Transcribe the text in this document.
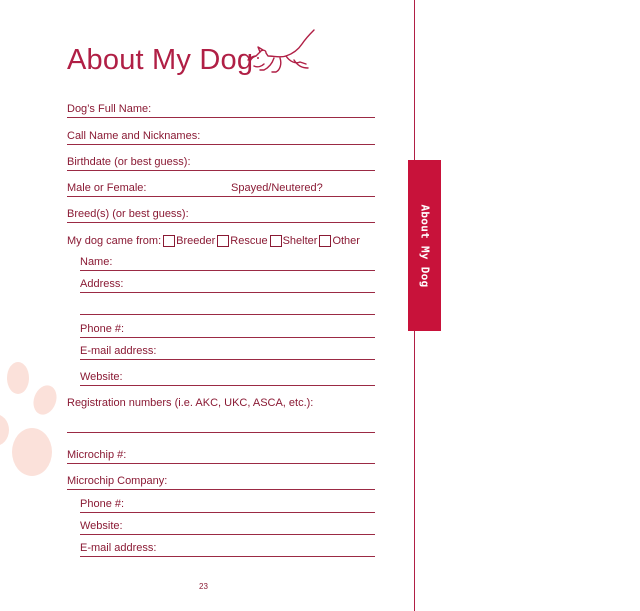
About My Dog
About My Dog
Dog’s Full Name:
Call Name and Nicknames:
Birthdate (or best guess):
Male or Female:	Spayed/Neutered?
Breed(s) (or best guess):
My dog came from: Breeder Rescue Shelter Other
Name:
Address:
Phone #:
E-mail address:
Website:
Registration numbers (i.e. AKC, UKC, ASCA, etc.):
Microchip #:
Microchip Company:
Phone #:
Website:
E-mail address:
23
